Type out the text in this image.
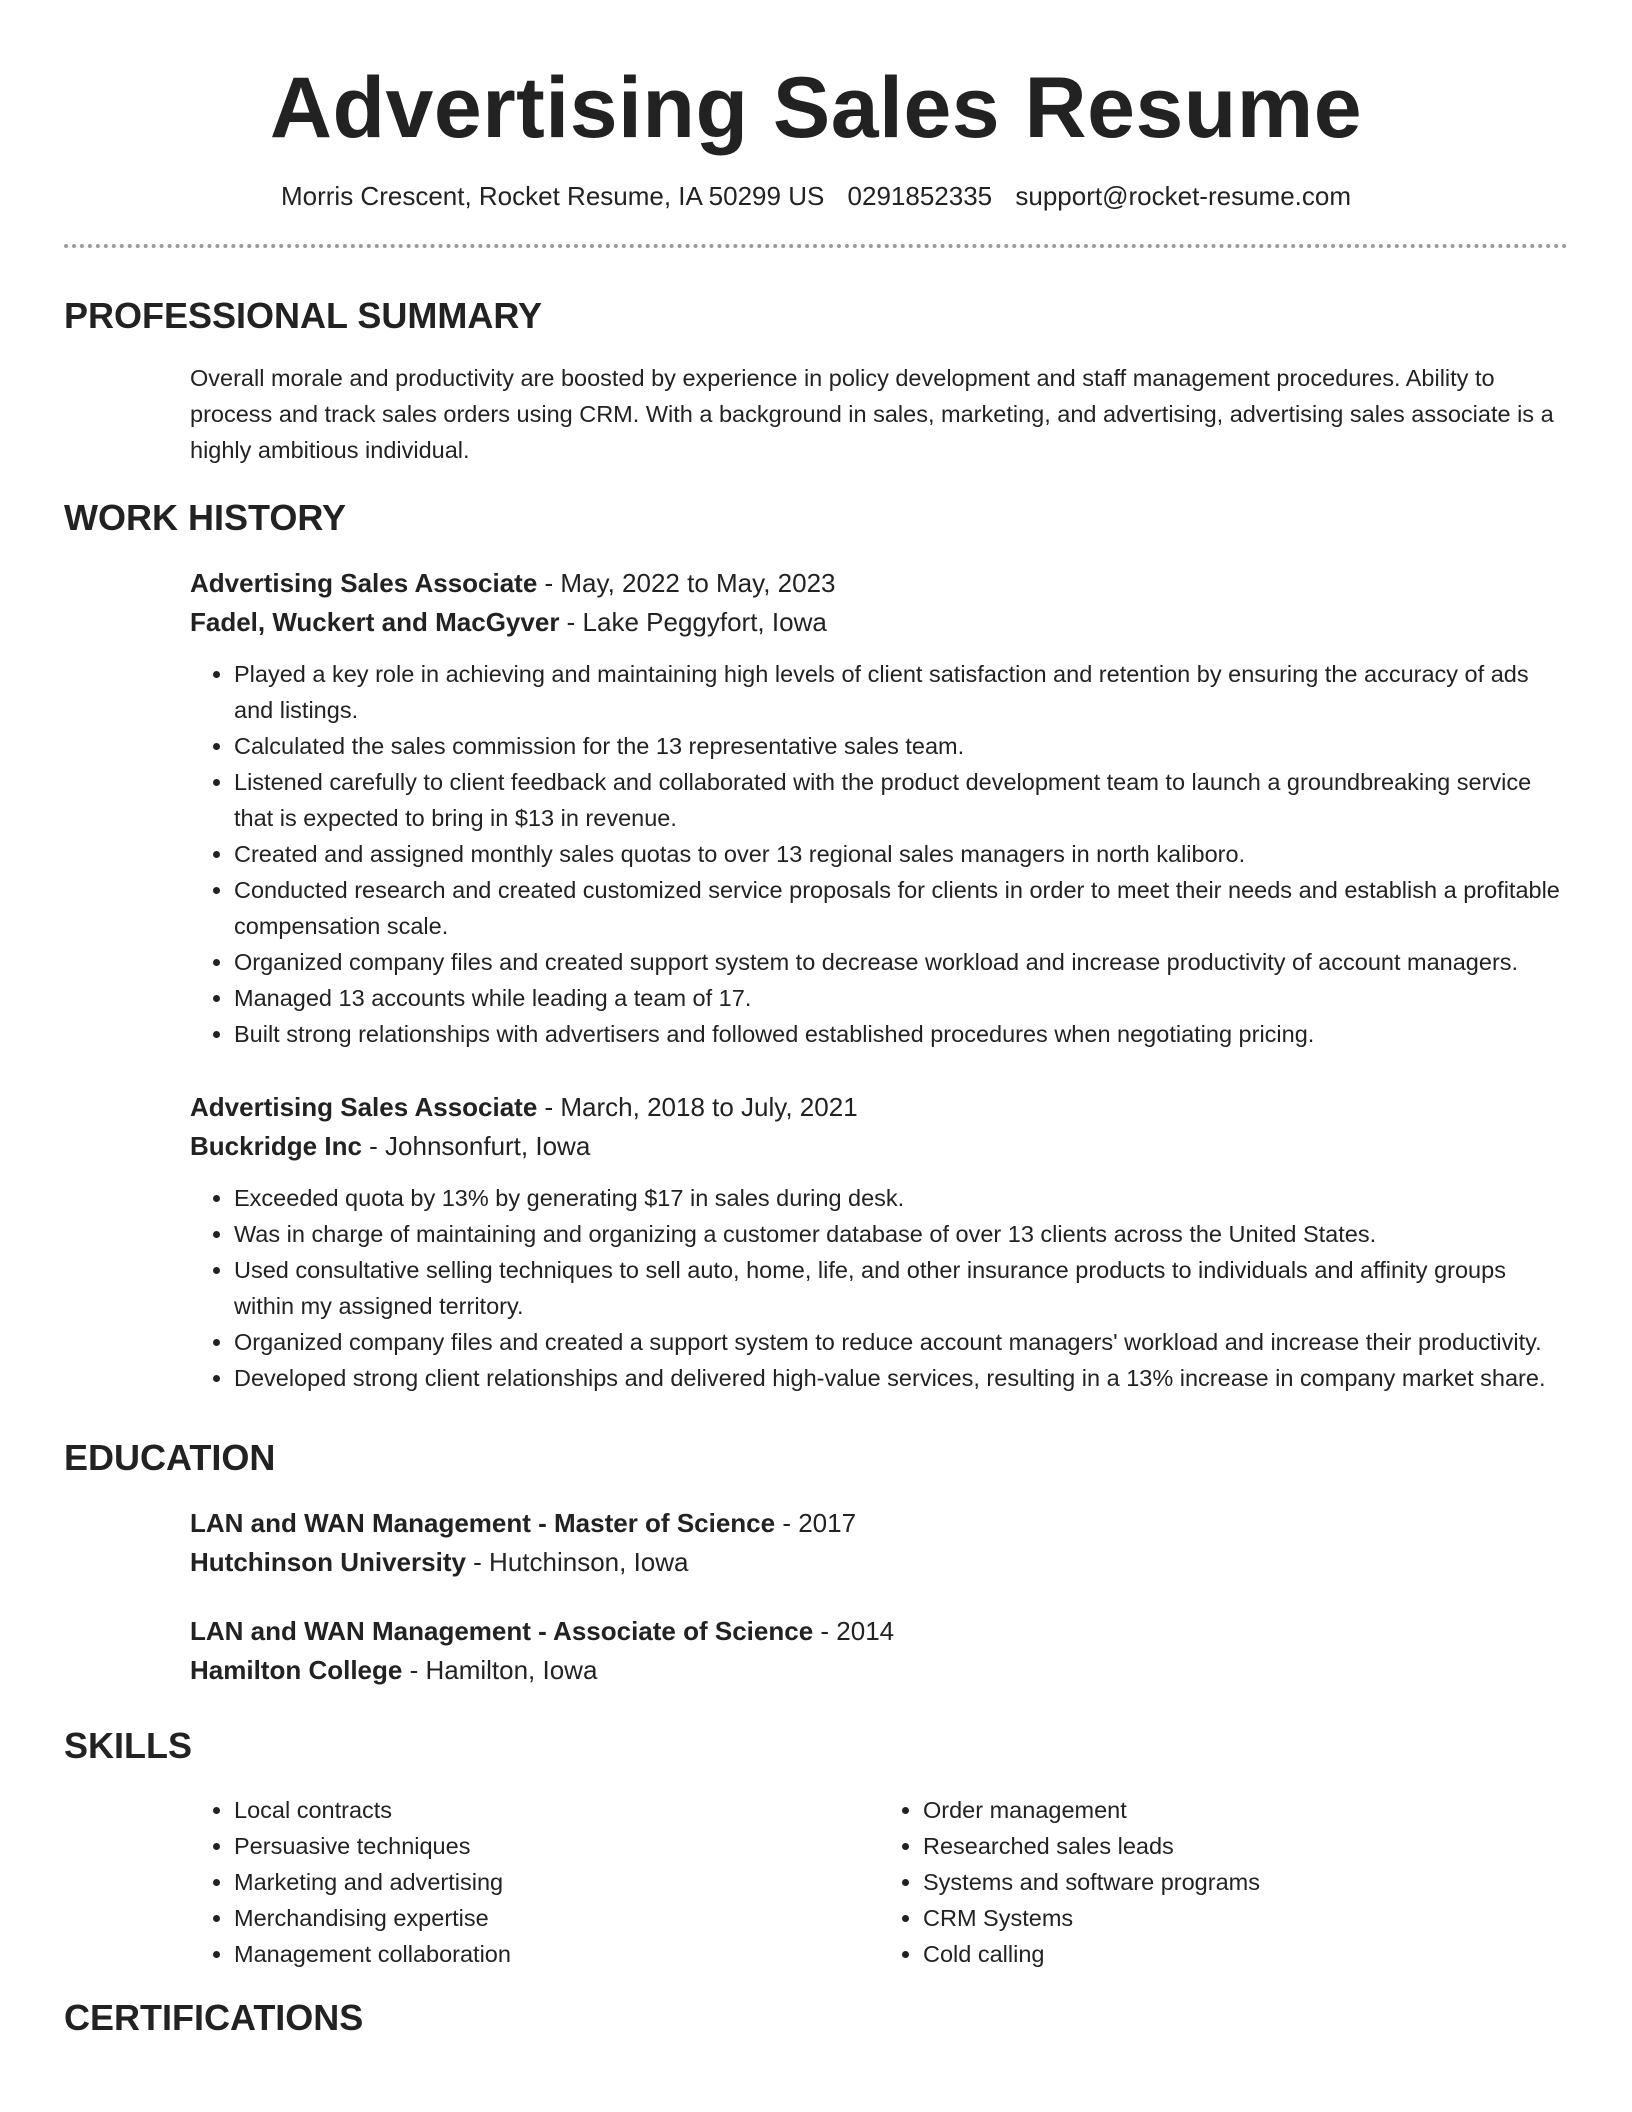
Advertising Sales Resume
Morris Crescent, Rocket Resume, IA 50299 US 0291852335 support@rocket-resume.com
PROFESSIONAL SUMMARY
Overall morale and productivity are boosted by experience in policy development and staff management procedures. Ability to process and track sales orders using CRM. With a background in sales, marketing, and advertising, advertising sales associate is a highly ambitious individual.
WORK HISTORY
Advertising Sales Associate - May, 2022 to May, 2023
Fadel, Wuckert and MacGyver - Lake Peggyfort, Iowa
• Played a key role in achieving and maintaining high levels of client satisfaction and retention by ensuring the accuracy of ads and listings.
• Calculated the sales commission for the 13 representative sales team.
• Listened carefully to client feedback and collaborated with the product development team to launch a groundbreaking service that is expected to bring in $13 in revenue.
• Created and assigned monthly sales quotas to over 13 regional sales managers in north kaliboro.
• Conducted research and created customized service proposals for clients in order to meet their needs and establish a profitable compensation scale.
• Organized company files and created support system to decrease workload and increase productivity of account managers.
• Managed 13 accounts while leading a team of 17.
• Built strong relationships with advertisers and followed established procedures when negotiating pricing.
Advertising Sales Associate - March, 2018 to July, 2021
Buckridge Inc - Johnsonfurt, Iowa
• Exceeded quota by 13% by generating $17 in sales during desk.
• Was in charge of maintaining and organizing a customer database of over 13 clients across the United States.
• Used consultative selling techniques to sell auto, home, life, and other insurance products to individuals and affinity groups within my assigned territory.
• Organized company files and created a support system to reduce account managers' workload and increase their productivity.
• Developed strong client relationships and delivered high-value services, resulting in a 13% increase in company market share.
EDUCATION
LAN and WAN Management - Master of Science - 2017
Hutchinson University - Hutchinson, Iowa
LAN and WAN Management - Associate of Science - 2014
Hamilton College - Hamilton, Iowa
SKILLS
• Local contracts
• Persuasive techniques
• Marketing and advertising
• Merchandising expertise
• Management collaboration
• Order management
• Researched sales leads
• Systems and software programs
• CRM Systems
• Cold calling
CERTIFICATIONS
